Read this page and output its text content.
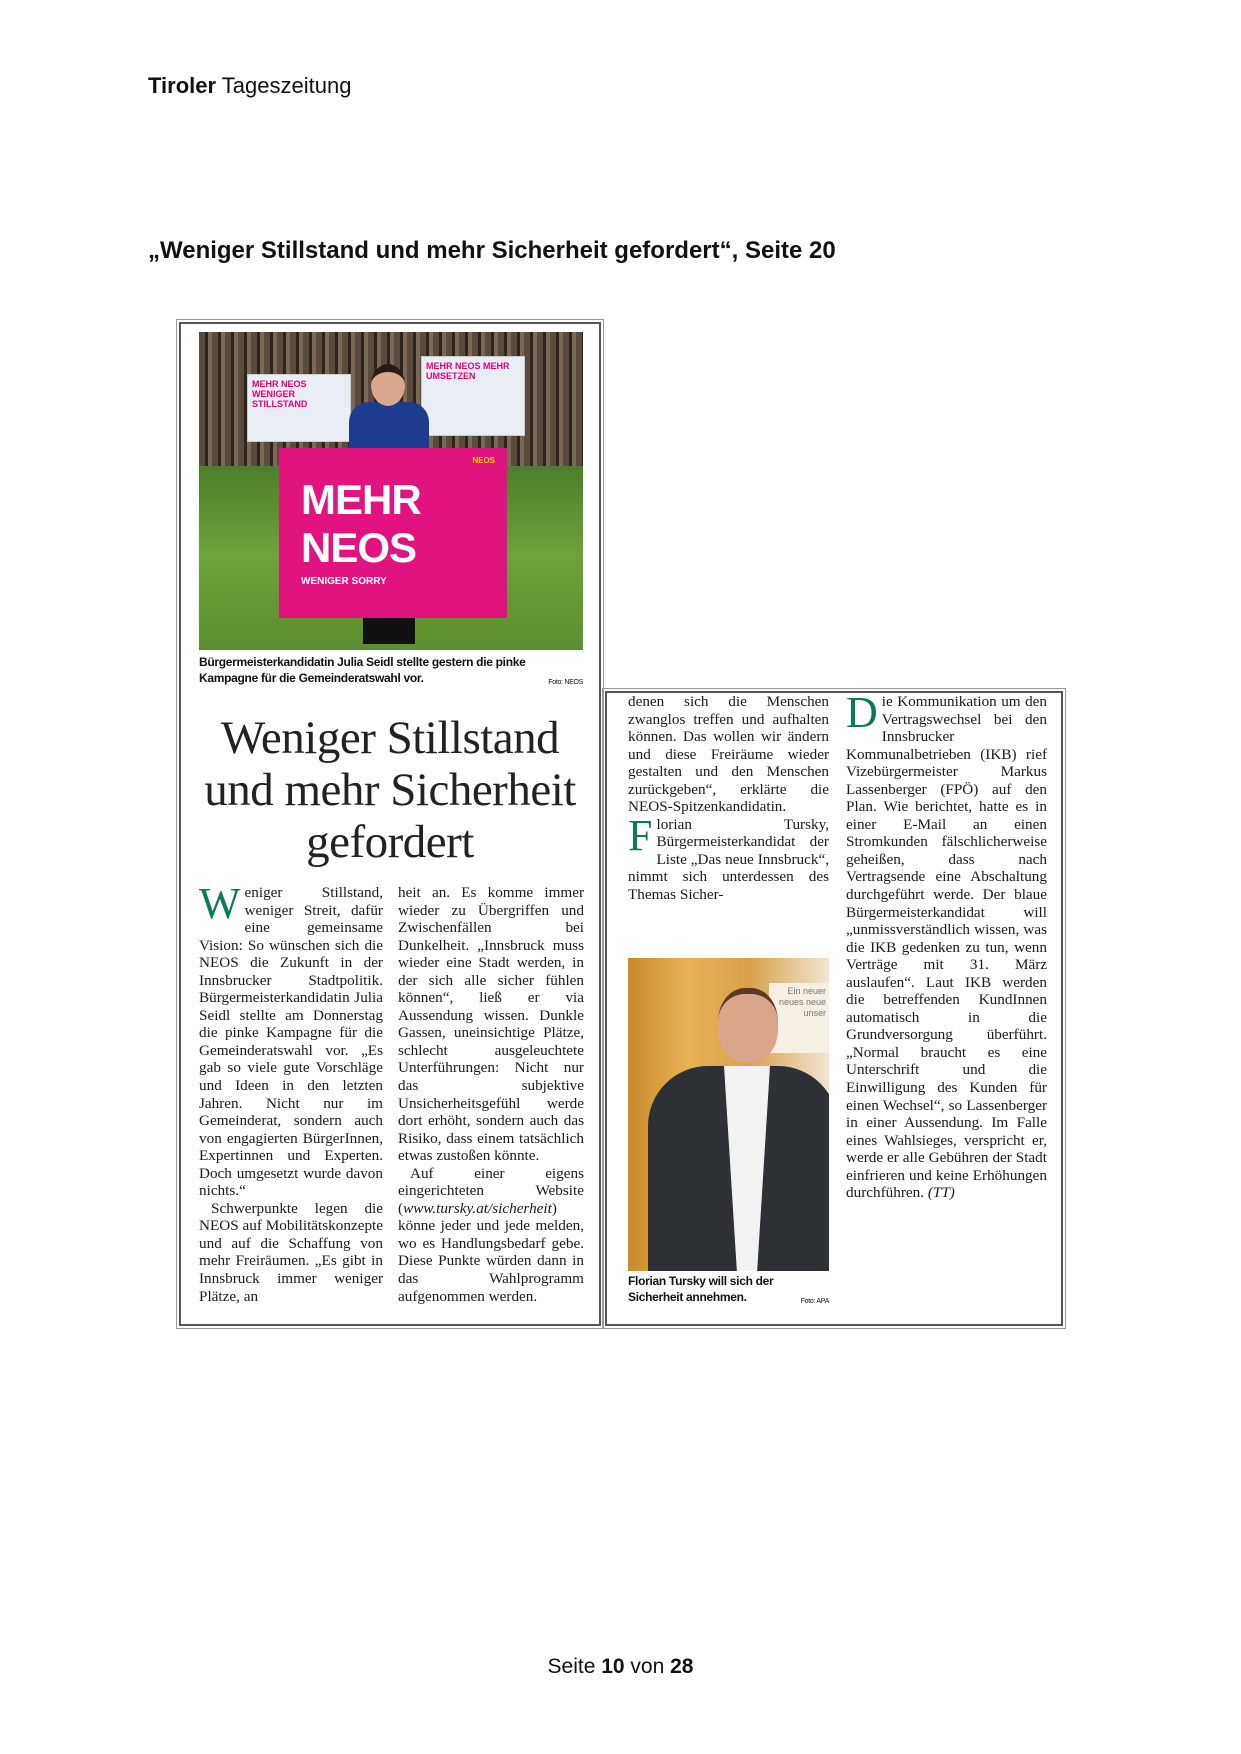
Tiroler Tageszeitung
„Weniger Stillstand und mehr Sicherheit gefordert“, Seite 20
MEHR NEOS WENIGER STILLSTAND
MEHR NEOS MEHR UMSETZEN
NEOS
MEHR NEOS
WENIGER SORRY
Bürgermeisterkandidatin Julia Seidl stellte gestern die pinke Kampagne für die Gemeinderatswahl vor.	Foto: NEOS
Weniger Stillstand und mehr Sicherheit gefordert

Weniger Stillstand, weniger Streit, dafür eine gemeinsame Vision: So wünschen sich die NEOS die Zukunft in der Innsbrucker Stadtpolitik. Bürgermeisterkandidatin Julia Seidl stellte am Donnerstag die pinke Kampagne für die Gemeinderatswahl vor. „Es gab so viele gute Vorschläge und Ideen in den letzten Jahren. Nicht nur im Gemeinderat, sondern auch von engagierten BürgerInnen, Expertinnen und Experten. Doch umgesetzt wurde davon nichts.“

Schwerpunkte legen die NEOS auf Mobilitätskonzepte und auf die Schaffung von mehr Freiräumen. „Es gibt in Innsbruck immer weniger Plätze, an

heit an. Es komme immer wieder zu Übergriffen und Zwischenfällen bei Dunkelheit. „Innsbruck muss wieder eine Stadt werden, in der sich alle sicher fühlen können“, ließ er via Aussendung wissen. Dunkle Gassen, uneinsichtige Plätze, schlecht ausgeleuchtete Unterführungen: Nicht nur das subjektive Unsicherheitsgefühl werde dort erhöht, sondern auch das Risiko, dass einem tatsächlich etwas zustoßen könnte.

Auf einer eigens eingerichteten Website (www.tursky.at/sicherheit) könne jeder und jede melden, wo es Handlungsbedarf gebe. Diese Punkte würden dann in das Wahlprogramm aufgenommen werden.

denen sich die Menschen zwanglos treffen und aufhalten können. Das wollen wir ändern und diese Freiräume wieder gestalten und den Menschen zurückgeben“, erklärte die NEOS-Spitzenkandidatin.

Florian Tursky, Bürgermeisterkandidat der Liste „Das neue Innsbruck“, nimmt sich unterdessen des Themas Sicher-

Ein neuer neues neue unser
Florian Tursky will sich der Sicherheit annehmen.	Foto: APA

Die Kommunikation um den Vertragswechsel bei den Innsbrucker Kommunalbetrieben (IKB) rief Vizebürgermeister Markus Lassenberger (FPÖ) auf den Plan. Wie berichtet, hatte es in einer E-Mail an einen Stromkunden fälschlicherweise geheißen, dass nach Vertragsende eine Abschaltung durchgeführt werde. Der blaue Bürgermeisterkandidat will „unmissverständlich wissen, was die IKB gedenken zu tun, wenn Verträge mit 31. März auslaufen“. Laut IKB werden die betreffenden KundInnen automatisch in die Grundversorgung überführt. „Normal braucht es eine Unterschrift und die Einwilligung des Kunden für einen Wechsel“, so Lassenberger in einer Aussendung. Im Falle eines Wahlsieges, verspricht er, werde er alle Gebühren der Stadt einfrieren und keine Erhöhungen durchführen. (TT)

Seite 10 von 28
